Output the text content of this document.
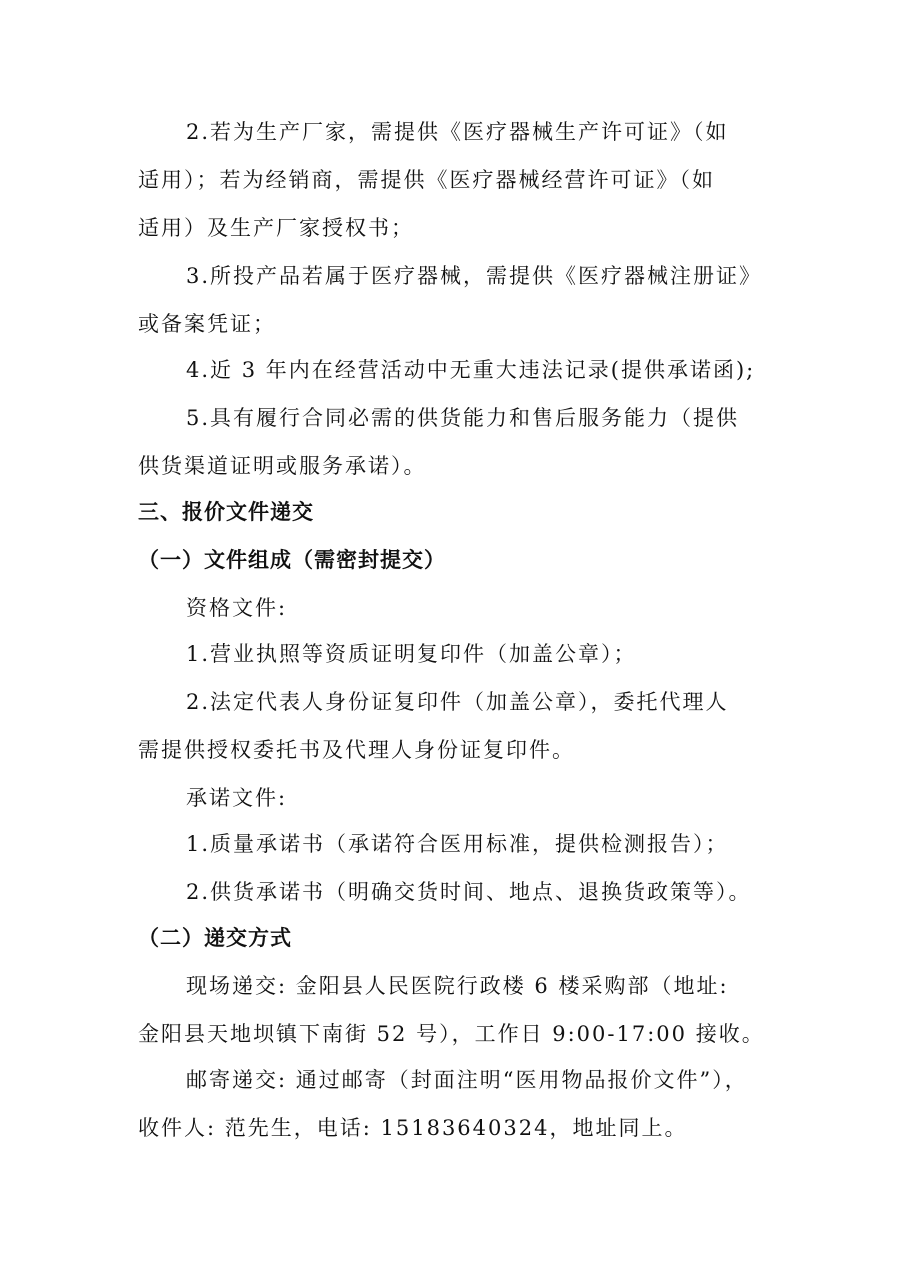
2.若为生产厂家，需提供《医疗器械生产许可证》（如
适用）；若为经销商，需提供《医疗器械经营许可证》（如
适用）及生产厂家授权书；
3.所投产品若属于医疗器械，需提供《医疗器械注册证》
或备案凭证；
4.近 3 年内在经营活动中无重大违法记录(提供承诺函);
5.具有履行合同必需的供货能力和售后服务能力（提供
供货渠道证明或服务承诺）。
三、报价文件递交
（一）文件组成（需密封提交）
资格文件:
1.营业执照等资质证明复印件（加盖公章）；
2.法定代表人身份证复印件（加盖公章），委托代理人
需提供授权委托书及代理人身份证复印件。
承诺文件:
1.质量承诺书（承诺符合医用标准，提供检测报告）；
2.供货承诺书（明确交货时间、地点、退换货政策等）。
（二）递交方式
现场递交: 金阳县人民医院行政楼 6 楼采购部（地址:
金阳县天地坝镇下南街 52 号），工作日 9:00-17:00 接收。
邮寄递交: 通过邮寄（封面注明“医用物品报价文件”），
收件人: 范先生，电话: 15183640324，地址同上。
